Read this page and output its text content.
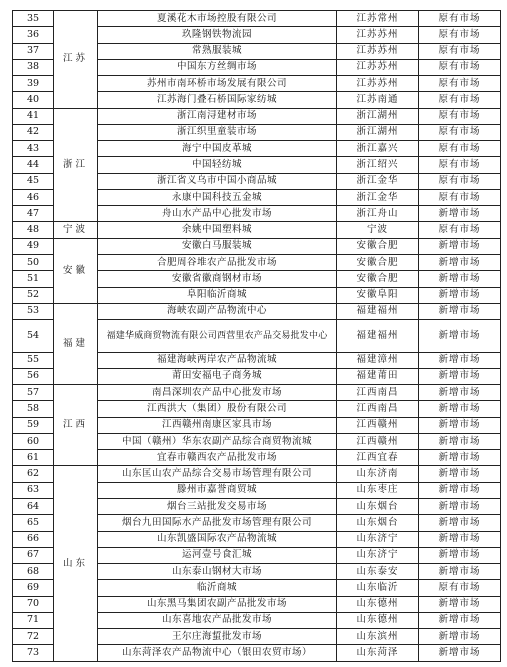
35	江苏	夏溪花木市场控股有限公司	江苏常州	原有市场
36		玖隆钢铁物流园	江苏苏州	原有市场
37		常熟服装城	江苏苏州	原有市场
38		中国东方丝绸市场	江苏苏州	原有市场
39		苏州市南环桥市场发展有限公司	江苏苏州	原有市场
40		江苏海门叠石桥国际家纺城	江苏南通	原有市场
41	浙江	浙江南浔建材市场	浙江湖州	原有市场
42		浙江织里童装市场	浙江湖州	原有市场
43		海宁中国皮革城	浙江嘉兴	原有市场
44		中国轻纺城	浙江绍兴	原有市场
45		浙江省义乌市中国小商品城	浙江金华	原有市场
46		永康中国科技五金城	浙江金华	原有市场
47		舟山水产品中心批发市场	浙江舟山	新增市场
48	宁波	余姚中国塑料城	宁波	原有市场
49	安徽	安徽白马服装城	安徽合肥	新增市场
50		合肥周谷堆农产品批发市场	安徽合肥	新增市场
51		安徽省徽商钢材市场	安徽合肥	新增市场
52		阜阳临沂商城	安徽阜阳	新增市场
53	福建	海峡农副产品物流中心	福建福州	新增市场
54		福建华威商贸物流有限公司西营里农产品交易批发中心	福建福州	新增市场
55		福建海峡两岸农产品物流城	福建漳州	新增市场
56		莆田安福电子商务城	福建莆田	新增市场
57	江西	南昌深圳农产品中心批发市场	江西南昌	新增市场
58		江西洪大（集团）股份有限公司	江西南昌	新增市场
59		江西赣州南康区家具市场	江西赣州	新增市场
60		中国（赣州）华东农副产品综合商贸物流城	江西赣州	新增市场
61		宜春市赣西农产品批发市场	江西宜春	新增市场
62	山东	山东匡山农产品综合交易市场管理有限公司	山东济南	新增市场
63		滕州市嘉誉商贸城	山东枣庄	新增市场
64		烟台三站批发交易市场	山东烟台	新增市场
65		烟台九田国际水产品批发市场管理有限公司	山东烟台	新增市场
66		山东凯盛国际农产品物流城	山东济宁	新增市场
67		运河壹号食汇城	山东济宁	新增市场
68		山东泰山钢材大市场	山东泰安	新增市场
69		临沂商城	山东临沂	原有市场
70		山东黑马集团农副产品批发市场	山东德州	新增市场
71		山东喜地农产品批发市场	山东德州	新增市场
72		王尔庄海蜇批发市场	山东滨州	新增市场
73		山东菏泽农产品物流中心（银田农贸市场）	山东菏泽	新增市场
